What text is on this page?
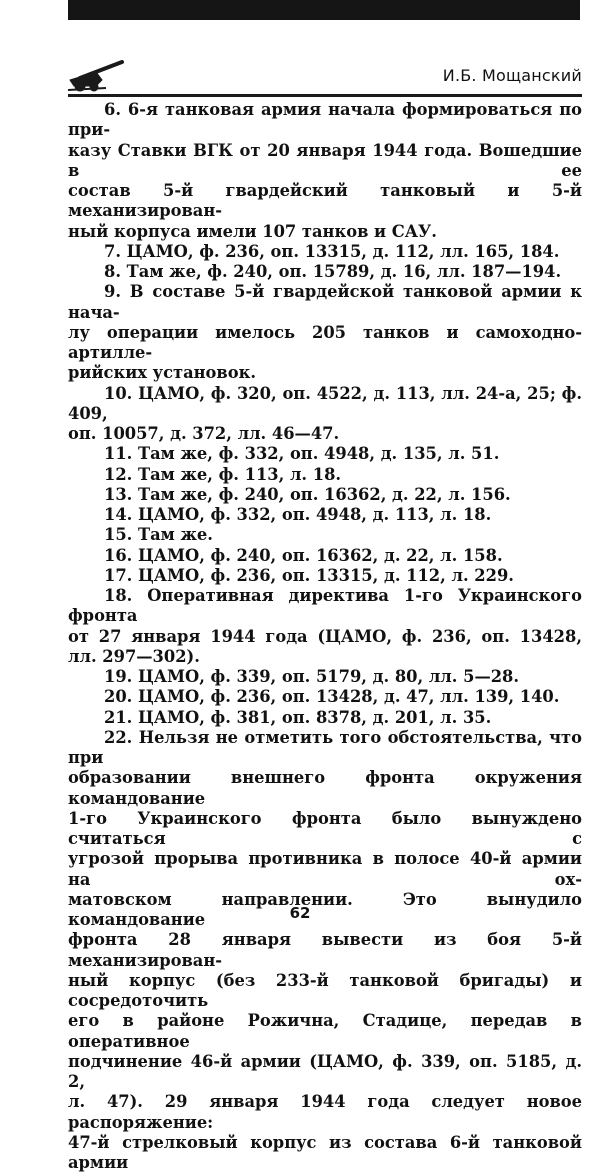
И.Б. Мощанский

6. 6-я танковая армия начала формироваться по при-

казу Ставки ВГК от 20 января 1944 года. Вошедшие в ее

состав 5-й гвардейский танковый и 5-й механизирован-

ный корпуса имели 107 танков и САУ.

7. ЦАМО, ф. 236, оп. 13315, д. 112, лл. 165, 184.

8. Там же, ф. 240, оп. 15789, д. 16, лл. 187—194.

9. В составе 5-й гвардейской танковой армии к нача-

лу операции имелось 205 танков и самоходно-артилле-

рийских установок.

10. ЦАМО, ф. 320, оп. 4522, д. 113, лл. 24-а, 25; ф. 409,

оп. 10057, д. 372, лл. 46—47.

11. Там же, ф. 332, оп. 4948, д. 135, л. 51.

12. Там же, ф. 113, л. 18.

13. Там же, ф. 240, оп. 16362, д. 22, л. 156.

14. ЦАМО, ф. 332, оп. 4948, д. 113, л. 18.

15. Там же.

16. ЦАМО, ф. 240, оп. 16362, д. 22, л. 158.

17. ЦАМО, ф. 236, оп. 13315, д. 112, л. 229.

18. Оперативная директива 1-го Украинского фронта

от 27 января 1944 года (ЦАМО, ф. 236, оп. 13428,

лл. 297—302).

19. ЦАМО, ф. 339, оп. 5179, д. 80, лл. 5—28.

20. ЦАМО, ф. 236, оп. 13428, д. 47, лл. 139, 140.

21. ЦАМО, ф. 381, оп. 8378, д. 201, л. 35.

22. Нельзя не отметить того обстоятельства, что при

образовании внешнего фронта окружения командование

1-го Украинского фронта было вынуждено считаться с

угрозой прорыва противника в полосе 40-й армии на ох-

матовском направлении. Это вынудило командование

фронта 28 января вывести из боя 5-й механизирован-

ный корпус (без 233-й танковой бригады) и сосредоточить

его в районе Рожична, Стадице, передав в оперативное

подчинение 46-й армии (ЦАМО, ф. 339, оп. 5185, д. 2,

л. 47). 29 января 1944 года следует новое распоряжение:

47-й стрелковый корпус из состава 6-й танковой армии

62
